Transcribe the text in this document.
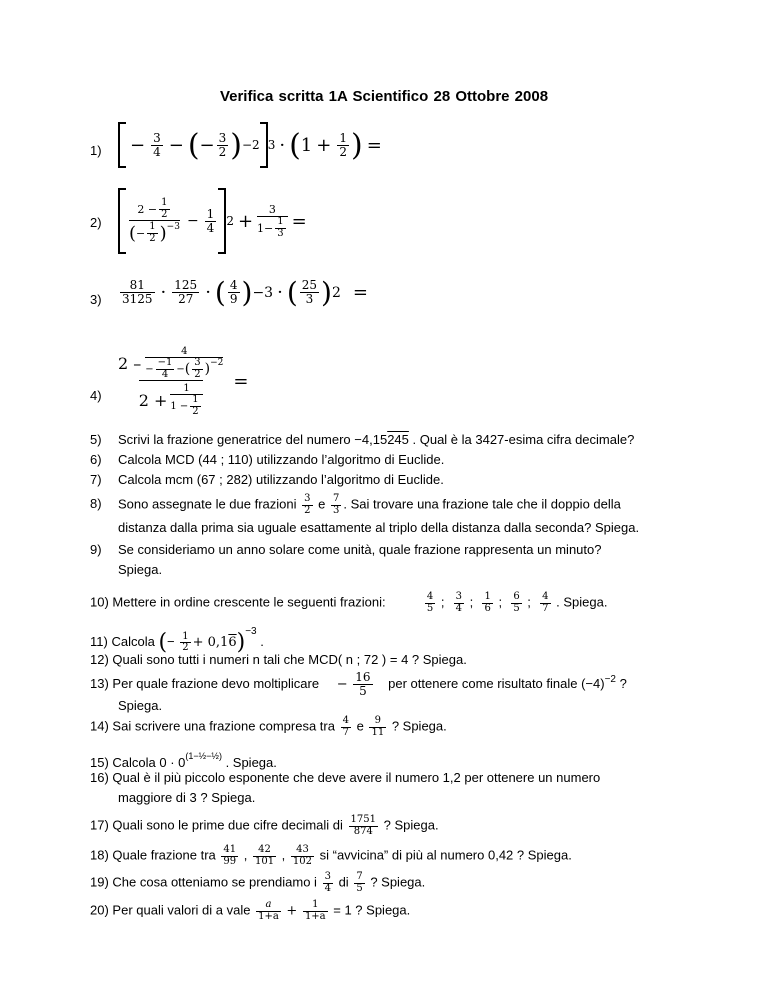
Verifica scritta 1A Scientifico 28 Ottobre 2008
$1) - \frac{3}{4}$ − ( − $\frac{3}{2}$ ) −2 3 · ( $1 + \frac{1}{2}$ ) =
2)
$2 - \frac{1}{2}$
( − $\frac{1}{2}$ ) $-3 - \frac{1}{4} 2 + \frac{3}{1- \frac{1}{3}}$ =
$3) \frac{81}{3125} \cdot \frac{125}{27}$ · ( $\frac{4}{9}$ ) −3 · ( $\frac{25}{3}$ ) 2 =
4) 2 –
4
− $\frac{-1}{4}$ − ( $\frac{3}{2}$ ) −2
2 +
1
$1 - \frac{1}{2}$ =
5) Scrivi la frazione generatrice del numero −4,15245 . Qual è la 3427-esima cifra decimale?
6) Calcola MCD (44 ; 110) utilizzando l’algoritmo di Euclide.
7) Calcola mcm (67 ; 282) utilizzando l’algoritmo di Euclide.
8) Sono assegnate le due frazioni $\frac{3}{2}$ e $\frac{7}{3}$ . Sai trovare una frazione tale che il doppio della
distanza dalla prima sia uguale esattamente al triplo della distanza dalla seconda? Spiega.
9) Se consideriamo un anno solare come unità, quale frazione rappresenta un minuto?
Spiega.
10) Mettere in ordine crescente le seguenti frazioni:	$\frac{4}{5}$ ; $\frac{3}{4}$ ; $\frac{1}{6}$ ; $\frac{6}{5}$ ; $\frac{4}{7}$ . Spiega.
11) Calcola (− $\frac{1}{2} + 0,16)^{-3}$ .
12) Quali sono tutti i numeri n tali che MCD( n ; 72 ) = 4 ? Spiega.
13) Per quale frazione devo moltiplicare − $\frac{16}{5}$ per ottenere come risultato finale $(-4)^{-2}$ ?
Spiega.
14) Sai scrivere una frazione compresa tra $\frac{4}{7}$ e $\frac{9}{11}$ ? Spiega.
15) Calcola $0 \cdot 0^{(1-\frac{1}{2}-\frac{1}{2})}$ . Spiega.
16) Qual è il più piccolo esponente che deve avere il numero 1,2 per ottenere un numero
maggiore di 3 ? Spiega.
17) Quali sono le prime due cifre decimali di $\frac{1751}{874}$ ? Spiega.
18) Quale frazione tra $\frac{41}{99}$ , $\frac{42}{101}$ , $\frac{43}{102}$ si “avvicina” di più al numero 0,42 ? Spiega.
19) Che cosa otteniamo se prendiamo i $\frac{3}{4}$ di $\frac{7}{5}$ ? Spiega.
20) Per quali valori di a vale $\frac{a}{1+a} + \frac{1}{1+a} = 1$ ? Spiega.
